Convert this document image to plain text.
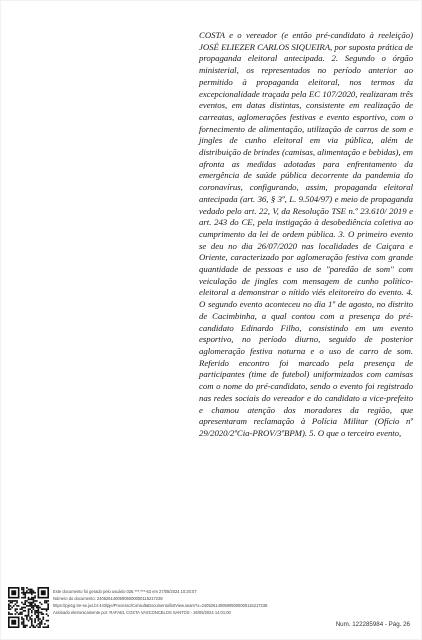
COSTA e o vereador (e então pré-candidato à reeleição) JOSÉ ELIEZER CARLOS SIQUEIRA, por suposta prática de propaganda eleitoral antecipada. 2. Segundo o órgão ministerial, os representados no período anterior ao permitido à propaganda eleitoral, nos termos da excepcionalidade traçada pela EC 107/2020, realizaram três eventos, em datas distintas, consistente em realização de carreatas, aglomerações festivas e evento esportivo, com o fornecimento de alimentação, utilização de carros de som e jingles de cunho eleitoral em via pública, além de distribuição de brindes (camisas, alimentação e bebidas), em afronta as medidas adotadas para enfrentamento da emergência de saúde pública decorrente da pandemia do coronavírus, configurando, assim, propaganda eleitoral antecipada (art. 36, § 3º, L. 9.504/97) e meio de propaganda vedado pelo art. 22, V, da Resolução TSE n.º 23.610/ 2019 e art. 243 do CE, pela instigação à desobediência coletiva ao cumprimento da lei de ordem pública. 3. O primeiro evento se deu no dia 26/07/2020 nas localidades de Caiçara e Oriente, caracterizado por aglomeração festiva com grande quantidade de pessoas e uso de "paredão de som" com veiculação de jingles com mensagem de cunho político-eleitoral a demonstrar o nítido viés eleitoreiro do evento. 4. O segundo evento aconteceu no dia 1º de agosto, no distrito de Cacimbinha, a qual contou com a presença do pré-candidato Edinardo Filho, consistindo em um evento esportivo, no período diurno, seguido de posterior aglomeração festiva noturna e o uso de carro de som. Referido encontro foi marcado pela presença de participantes (time de futebol) uniformizados com camisas com o nome do pré-candidato, sendo o evento foi registrado nas redes sociais do vereador e do candidato a vice-prefeito e chamou atenção dos moradores da região, que apresentaram reclamação à Polícia Militar (Ofício nº 29/2020/2ºCia-PROV/3ºBPM). 5. O que o terceiro evento,

Este documento foi gerado pelo usuário 026.***.***-63 em 27/05/2024 10:20:07
Número do documento: 24052614005905000000115217238
https://pje1g.tre-se.jus.br:443/pje/Processo/ConsultaDocumento/listView.seam?x=24052614005905000000115217238
Assinado eletronicamente por: RAFAEL COSTA VASCONCELOS SANTOS - 26/05/2024 14:01:00
Num. 122285984 - Pág. 26
